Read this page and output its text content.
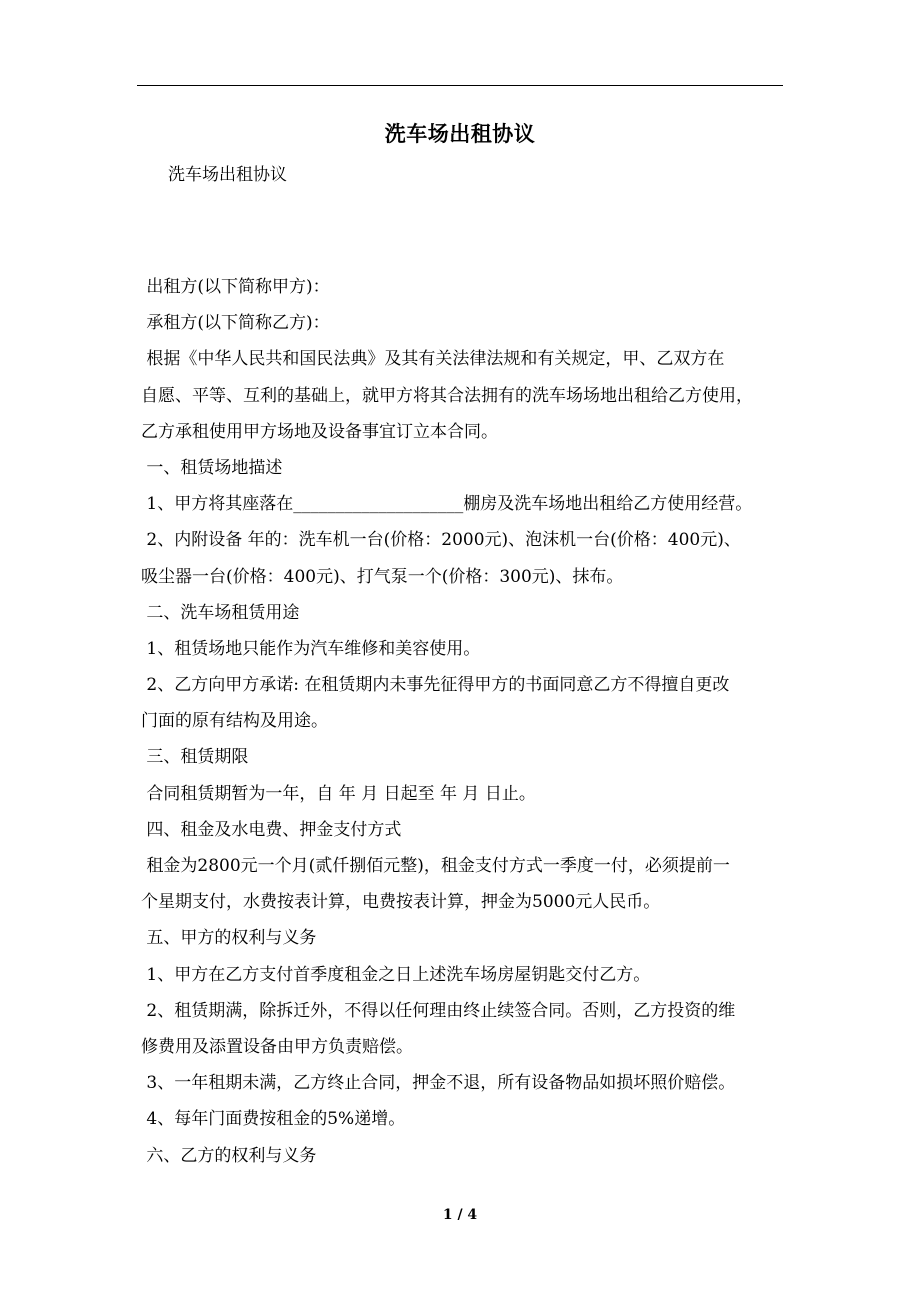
洗车场出租协议
洗车场出租协议
出租方(以下简称甲方)：
承租方(以下简称乙方)：
根据《中华人民共和国民法典》及其有关法律法规和有关规定，甲、乙双方在
自愿、平等、互利的基础上，就甲方将其合法拥有的洗车场场地出租给乙方使用，
乙方承租使用甲方场地及设备事宜订立本合同。
一、租赁场地描述
1、甲方将其座落在____________________棚房及洗车场地出租给乙方使用经营。
2、内附设备 年的：洗车机一台(价格：2000元)、泡沫机一台(价格：400元)、
吸尘器一台(价格：400元)、打气泵一个(价格：300元)、抹布。
二、洗车场租赁用途
1、租赁场地只能作为汽车维修和美容使用。
2、乙方向甲方承诺: 在租赁期内未事先征得甲方的书面同意乙方不得擅自更改
门面的原有结构及用途。
三、租赁期限
合同租赁期暂为一年，自 年 月 日起至 年 月 日止。
四、租金及水电费、押金支付方式
租金为2800元一个月(贰仟捌佰元整)，租金支付方式一季度一付，必须提前一
个星期支付，水费按表计算，电费按表计算，押金为5000元人民币。
五、甲方的权利与义务
1、甲方在乙方支付首季度租金之日上述洗车场房屋钥匙交付乙方。
2、租赁期满，除拆迁外，不得以任何理由终止续签合同。否则，乙方投资的维
修费用及添置设备由甲方负责赔偿。
3、一年租期未满，乙方终止合同，押金不退，所有设备物品如损坏照价赔偿。
4、每年门面费按租金的5%递增。
六、乙方的权利与义务
1 / 4
